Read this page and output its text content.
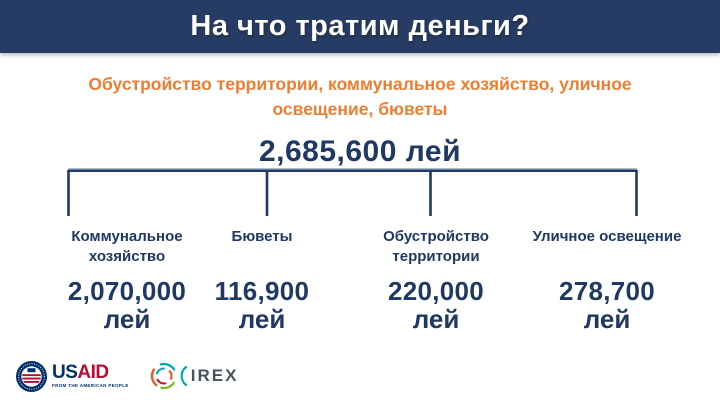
На что тратим деньги?
Обустройство территории, коммунальное хозяйство, уличное освещение, бюветы
2,685,600 лей
Коммунальное хозяйство
2,070,000
лей
Бюветы
116,900
лей
Обустройство территории
220,000
лей
Уличное освещение
278,700
лей
USAID
FROM THE AMERICAN PEOPLE
IREX
